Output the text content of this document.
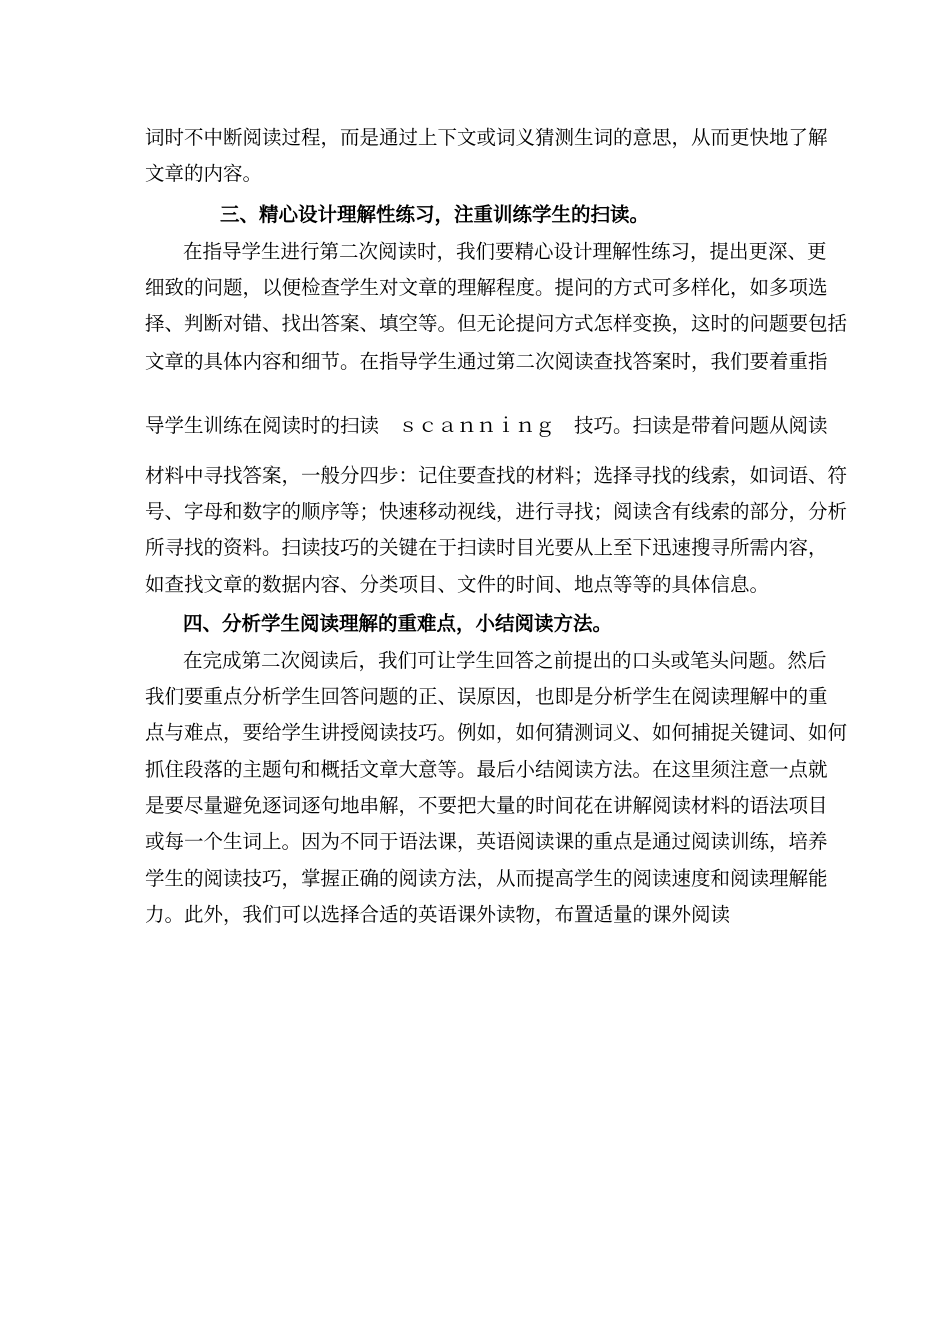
词时不中断阅读过程，而是通过上下文或词义猜测生词的意思，从而更快地了解
文章的内容。
三、精心设计理解性练习，注重训练学生的扫读。
在指导学生进行第二次阅读时，我们要精心设计理解性练习，提出更深、更
细致的问题，以便检查学生对文章的理解程度。提问的方式可多样化，如多项选
择、判断对错、找出答案、填空等。但无论提问方式怎样变换，这时的问题要包括
文章的具体内容和细节。在指导学生通过第二次阅读查找答案时，我们要着重指
导学生训练在阅读时的扫读　ｓｃａｎｎｉｎｇ　技巧。扫读是带着问题从阅读
材料中寻找答案，一般分四步：记住要查找的材料；选择寻找的线索，如词语、符
号、字母和数字的顺序等；快速移动视线，进行寻找；阅读含有线索的部分，分析
所寻找的资料。扫读技巧的关键在于扫读时目光要从上至下迅速搜寻所需内容，
如查找文章的数据内容、分类项目、文件的时间、地点等等的具体信息。
四、分析学生阅读理解的重难点，小结阅读方法。
在完成第二次阅读后，我们可让学生回答之前提出的口头或笔头问题。然后
我们要重点分析学生回答问题的正、误原因，也即是分析学生在阅读理解中的重
点与难点，要给学生讲授阅读技巧。例如，如何猜测词义、如何捕捉关键词、如何
抓住段落的主题句和概括文章大意等。最后小结阅读方法。在这里须注意一点就
是要尽量避免逐词逐句地串解，不要把大量的时间花在讲解阅读材料的语法项目
或每一个生词上。因为不同于语法课，英语阅读课的重点是通过阅读训练，培养
学生的阅读技巧，掌握正确的阅读方法，从而提高学生的阅读速度和阅读理解能
力。此外，我们可以选择合适的英语课外读物，布置适量的课外阅读
